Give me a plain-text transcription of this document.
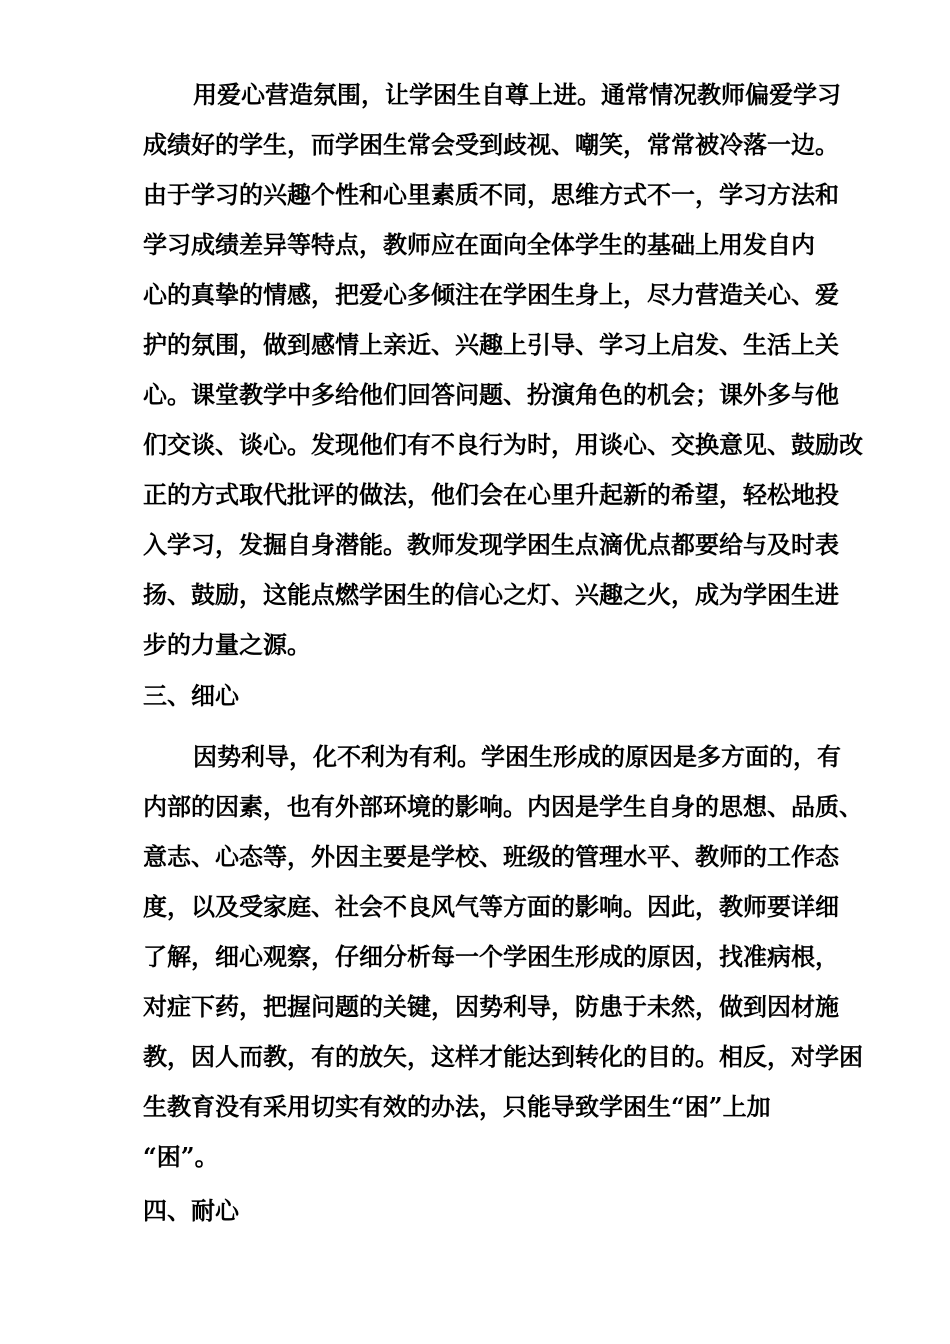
用爱心营造氛围，让学困生自尊上进。通常情况教师偏爱学习
成绩好的学生，而学困生常会受到歧视、嘲笑，常常被冷落一边。
由于学习的兴趣个性和心里素质不同，思维方式不一，学习方法和
学习成绩差异等特点，教师应在面向全体学生的基础上用发自内
心的真挚的情感，把爱心多倾注在学困生身上，尽力营造关心、爱
护的氛围，做到感情上亲近、兴趣上引导、学习上启发、生活上关
心。课堂教学中多给他们回答问题、扮演角色的机会；课外多与他
们交谈、谈心。发现他们有不良行为时，用谈心、交换意见、鼓励改
正的方式取代批评的做法，他们会在心里升起新的希望，轻松地投
入学习，发掘自身潜能。教师发现学困生点滴优点都要给与及时表
扬、鼓励，这能点燃学困生的信心之灯、兴趣之火，成为学困生进
步的力量之源。
三、细心
因势利导，化不利为有利。学困生形成的原因是多方面的，有
内部的因素，也有外部环境的影响。内因是学生自身的思想、品质、
意志、心态等，外因主要是学校、班级的管理水平、教师的工作态
度，以及受家庭、社会不良风气等方面的影响。因此，教师要详细
了解，细心观察，仔细分析每一个学困生形成的原因，找准病根，
对症下药，把握问题的关键，因势利导，防患于未然，做到因材施
教，因人而教，有的放矢，这样才能达到转化的目的。相反，对学困
生教育没有采用切实有效的办法，只能导致学困生“困”上加
“困”。
四、耐心
